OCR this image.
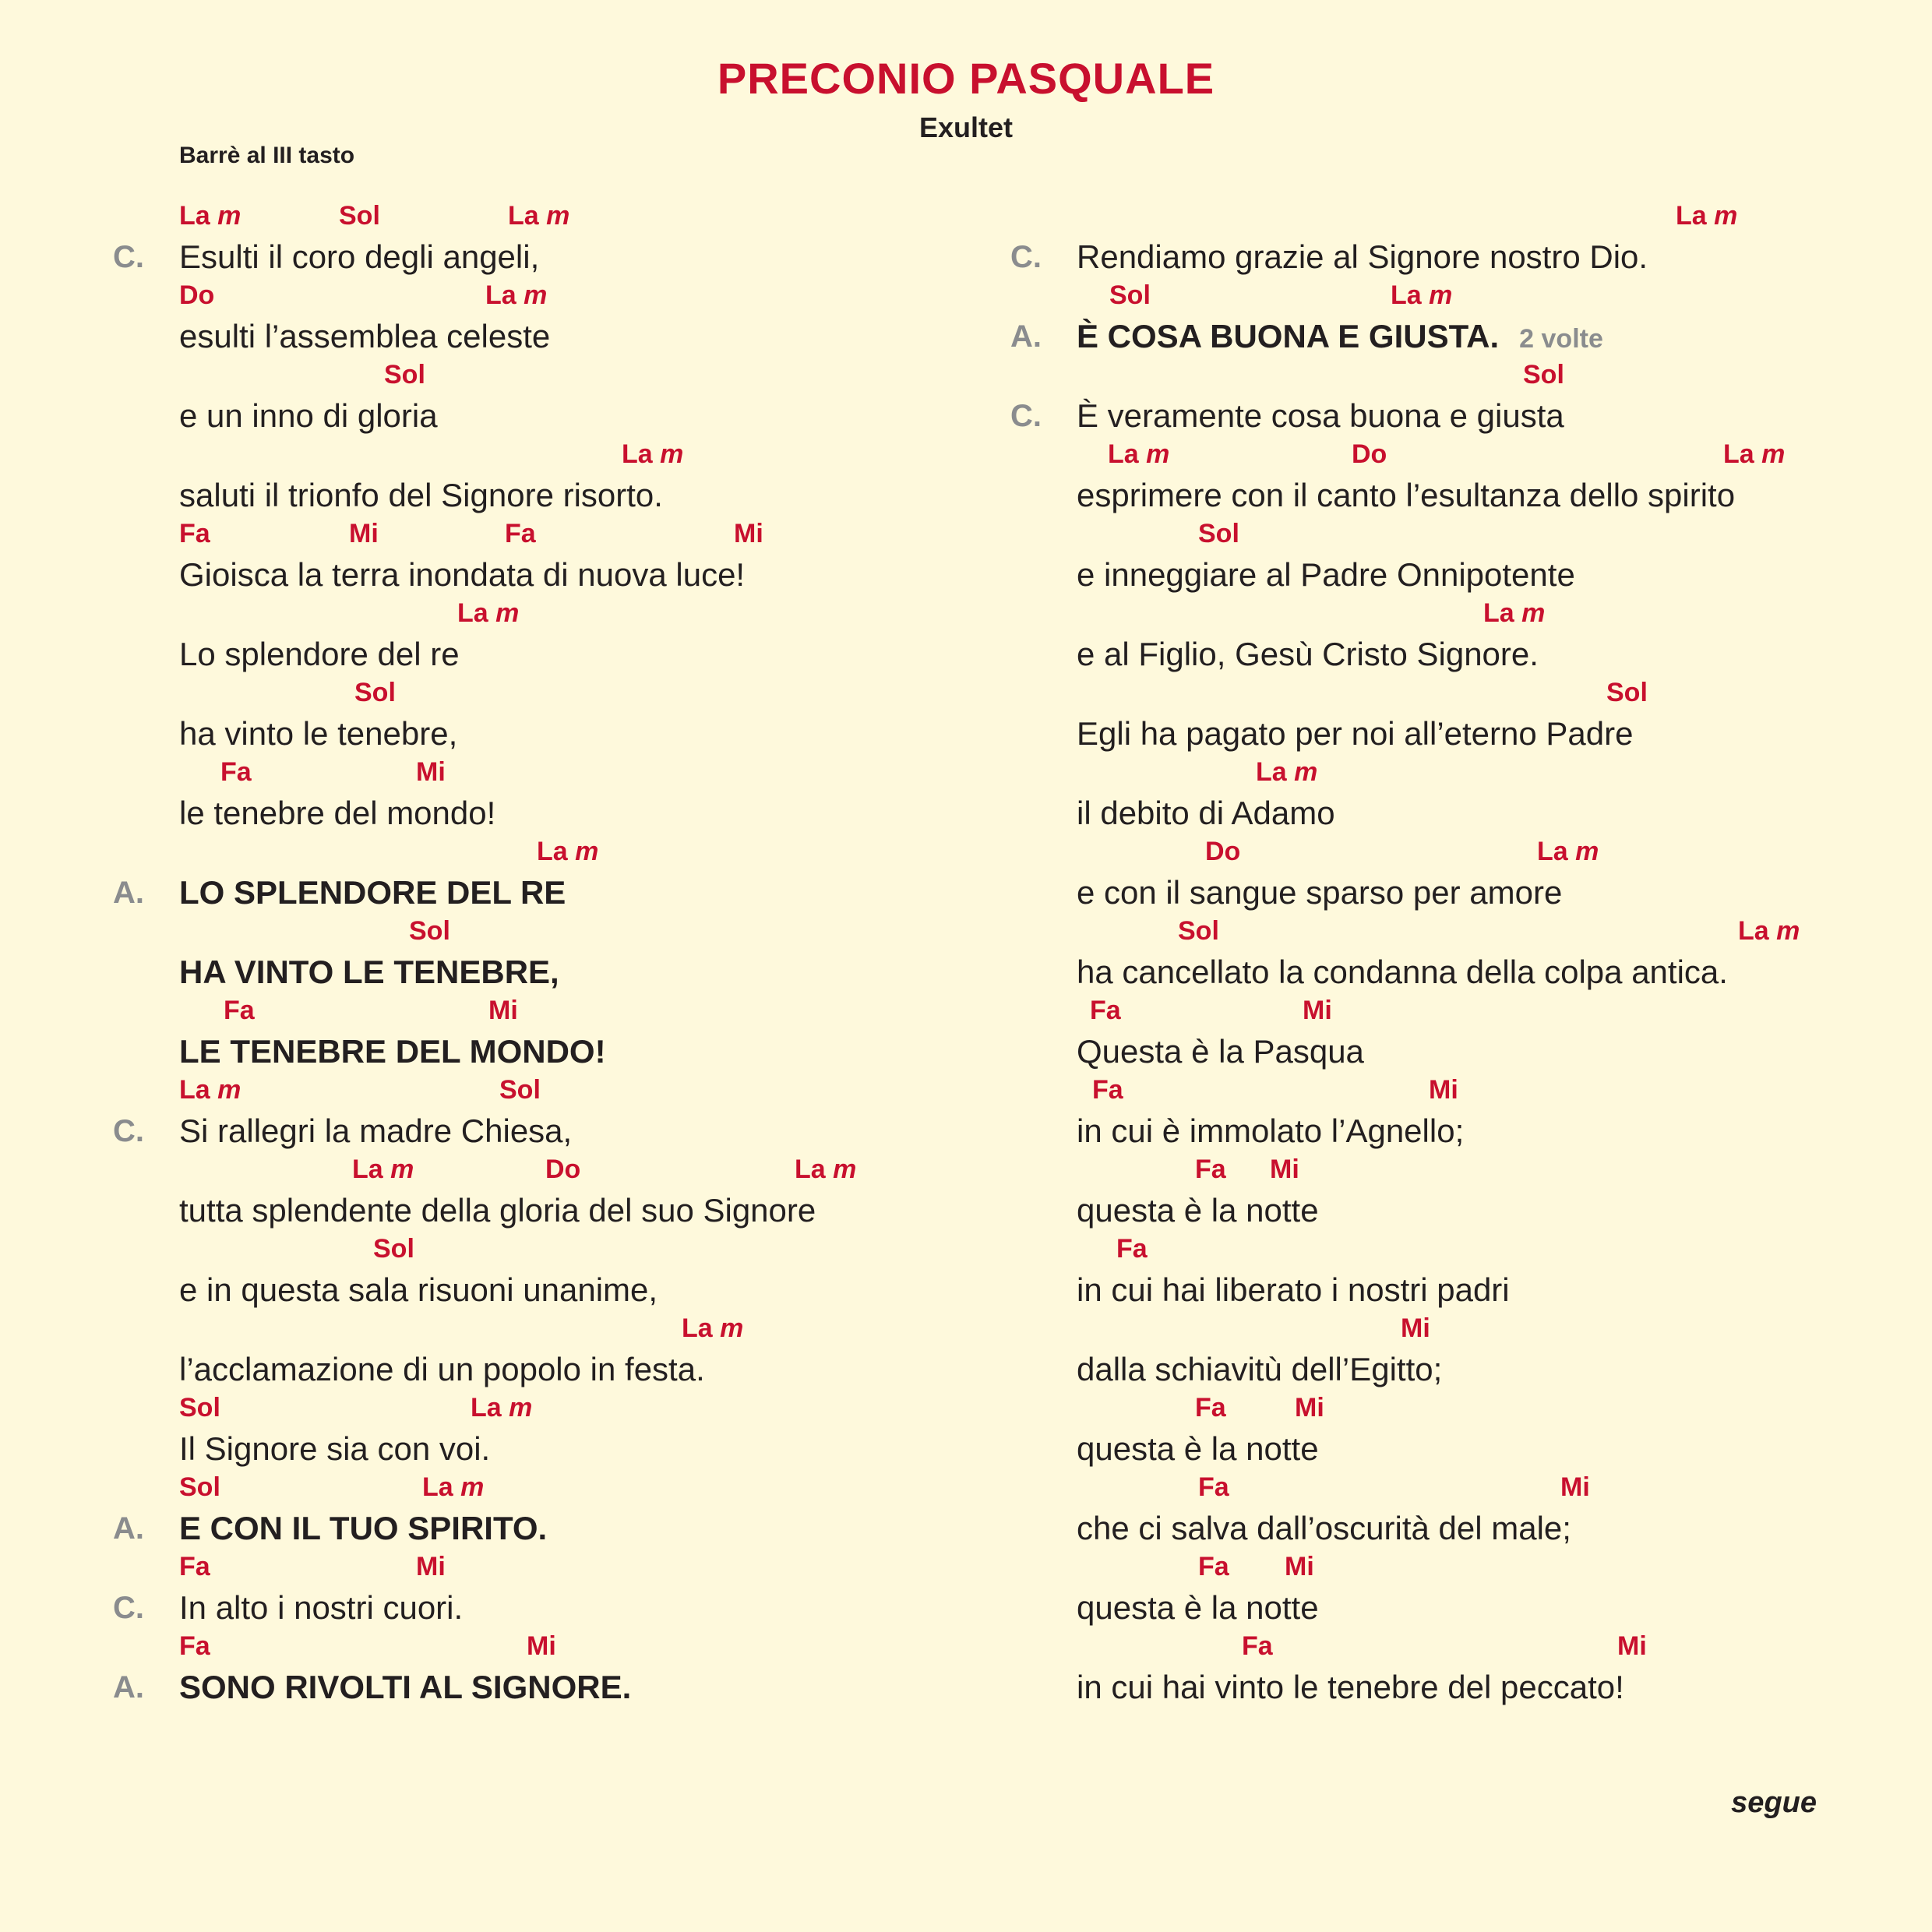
PRECONIO PASQUALE
Exultet
Barrè al III tasto
La m	Sol	La m
C. Esulti il coro degli angeli,
Do	La m
esulti l’assemblea celeste
Sol
e un inno di gloria
La m
saluti il trionfo del Signore risorto.
Fa	Mi	Fa	Mi
Gioisca la terra inondata di nuova luce!
La m
Lo splendore del re
Sol
ha vinto le tenebre,
Fa	Mi
le tenebre del mondo!
La m
A. LO SPLENDORE DEL RE
Sol
HA VINTO LE TENEBRE,
Fa	Mi
LE TENEBRE DEL MONDO!
La m	Sol
C. Si rallegri la madre Chiesa,
La m	Do	La m
tutta splendente della gloria del suo Signore
Sol
e in questa sala risuoni unanime,
La m
l’acclamazione di un popolo in festa.
Sol	La m
Il Signore sia con voi.
Sol	La m
A. E CON IL TUO SPIRITO.
Fa	Mi
C. In alto i nostri cuori.
Fa	Mi
A. SONO RIVOLTI AL SIGNORE.
La m
C. Rendiamo grazie al Signore nostro Dio.
Sol	La m
A. È COSA BUONA E GIUSTA. 2 volte
Sol
C. È veramente cosa buona e giusta
La m	Do	La m
esprimere con il canto l’esultanza dello spirito
Sol
e inneggiare al Padre Onnipotente
La m
e al Figlio, Gesù Cristo Signore.
Sol
Egli ha pagato per noi all’eterno Padre
La m
il debito di Adamo
Do	La m
e con il sangue sparso per amore
Sol	La m
ha cancellato la condanna della colpa antica.
Fa	Mi
Questa è la Pasqua
Fa	Mi
in cui è immolato l’Agnello;
Fa Mi
questa è la notte
Fa
in cui hai liberato i nostri padri
Mi
dalla schiavitù dell’Egitto;
Fa	Mi
questa è la notte
Fa	Mi
che ci salva dall’oscurità del male;
Fa Mi
questa è la notte
Fa	Mi
in cui hai vinto le tenebre del peccato!
segue
